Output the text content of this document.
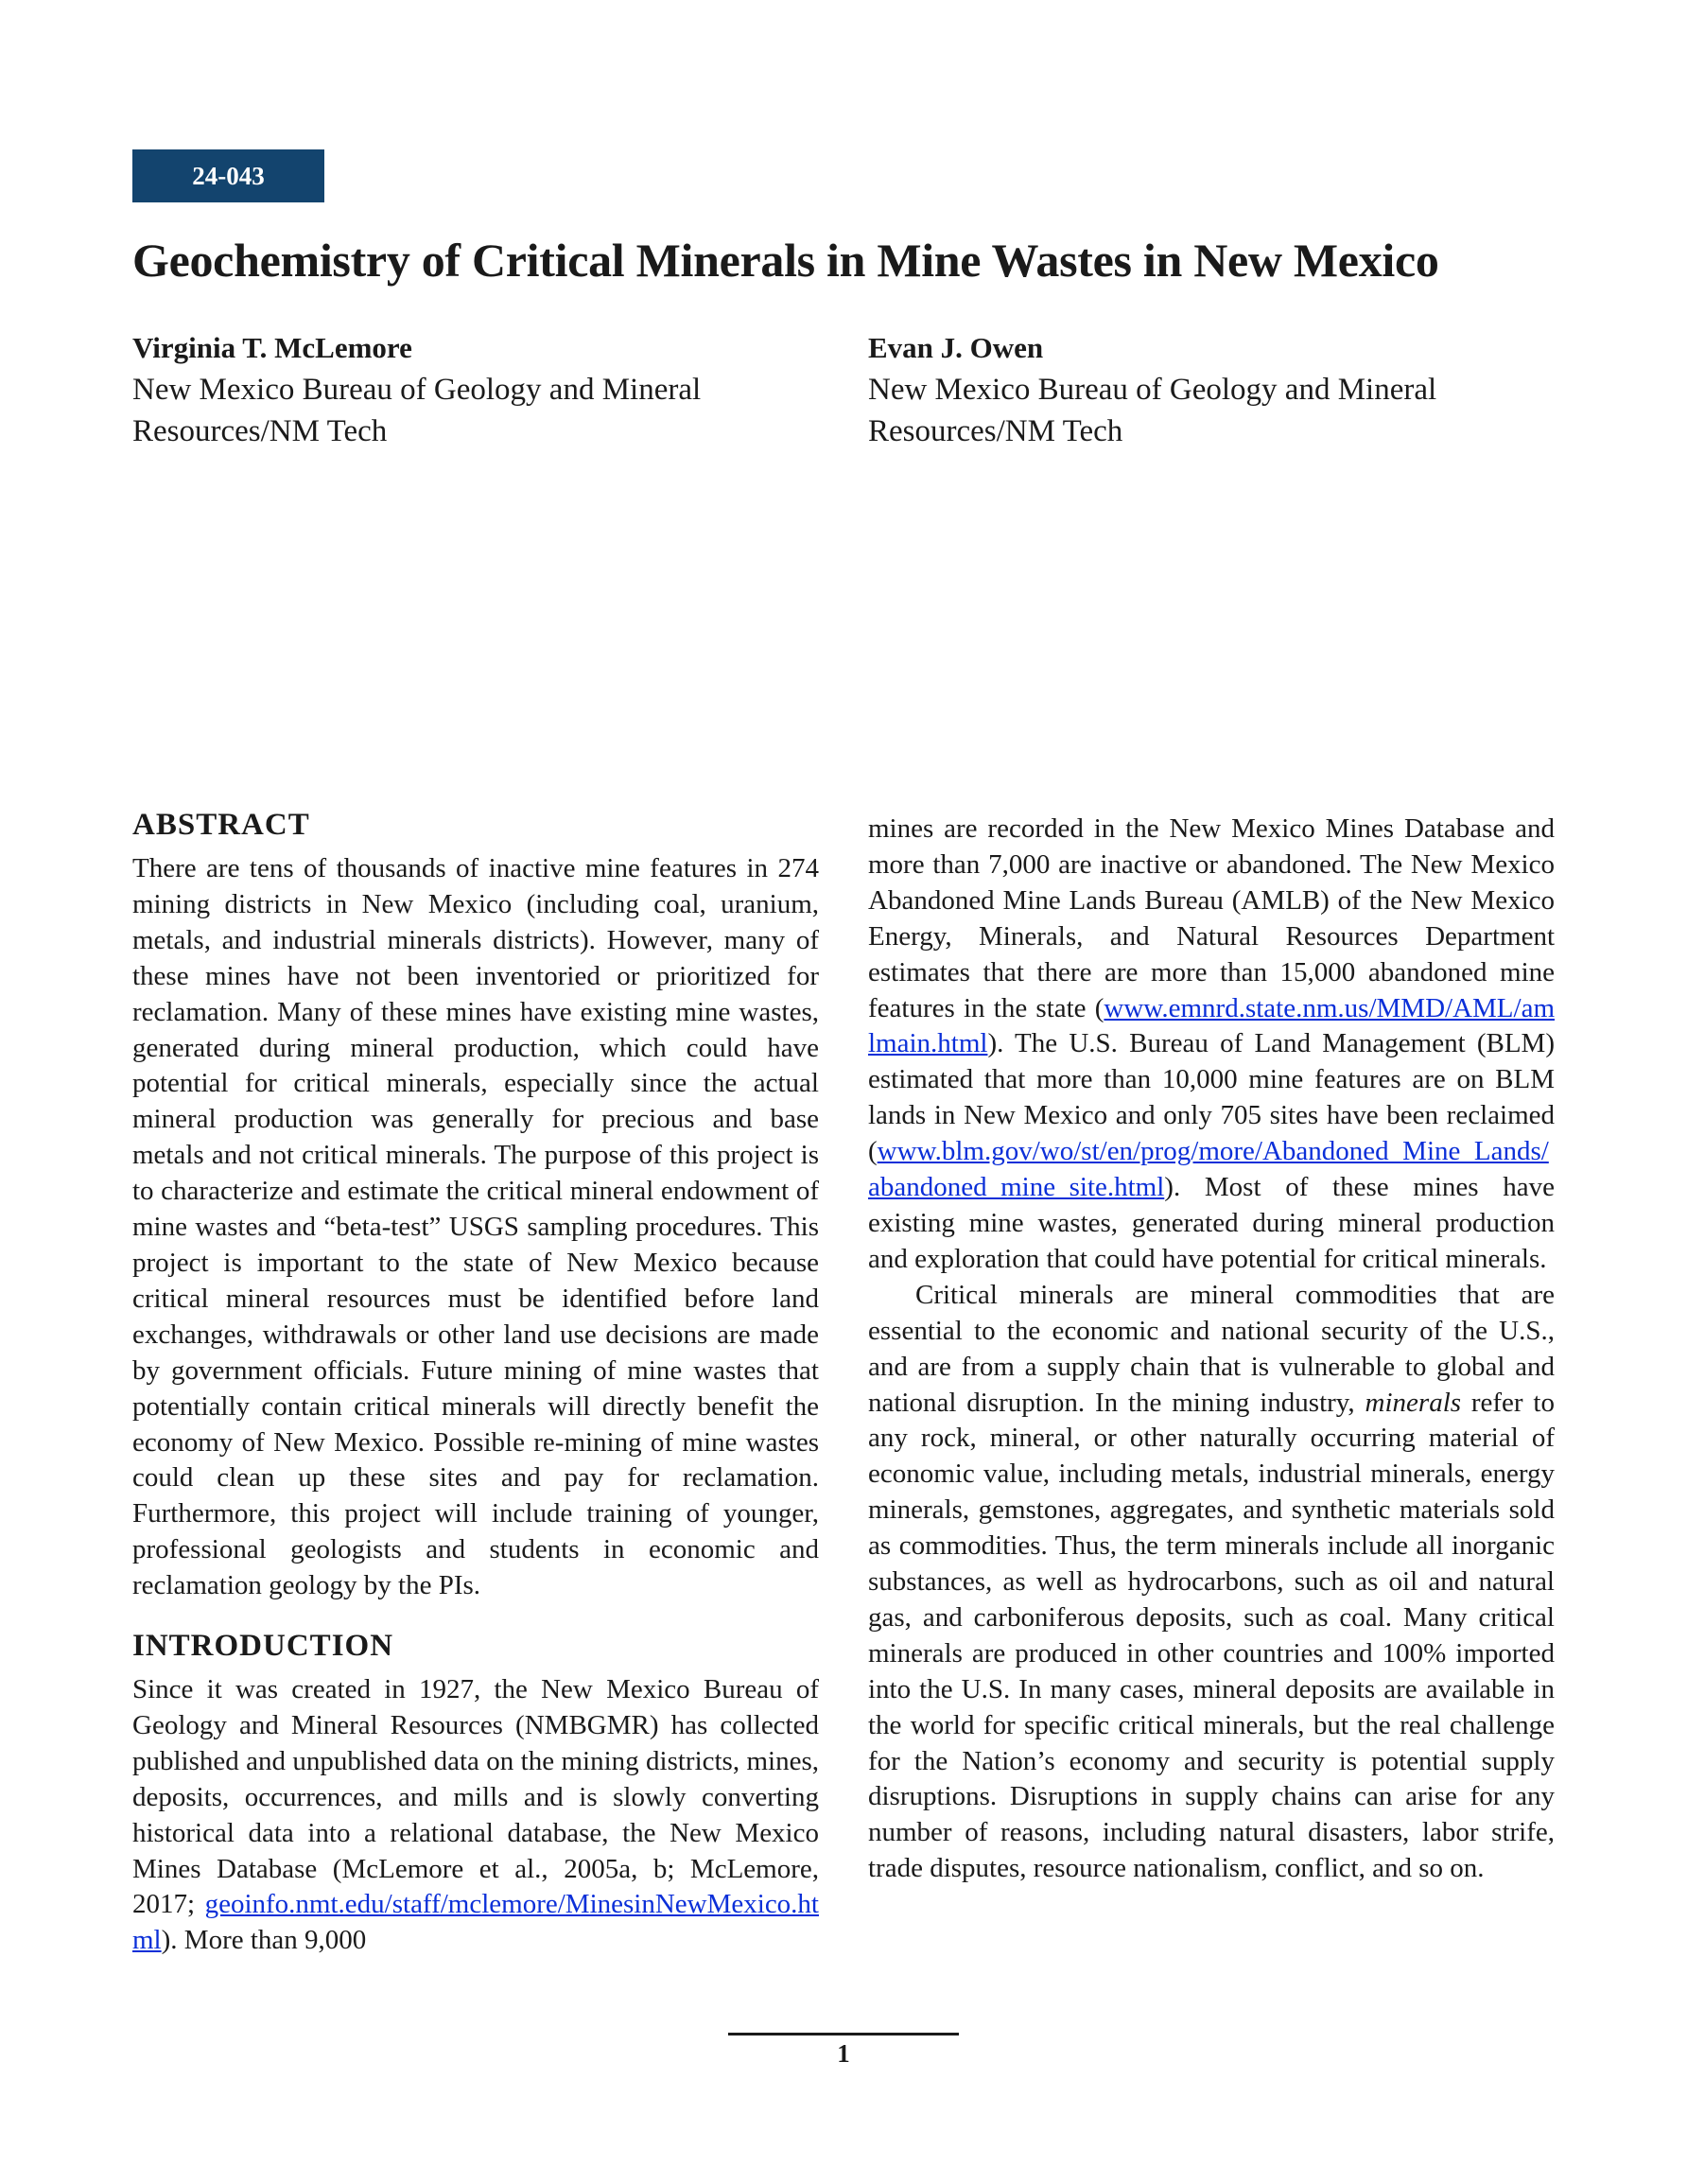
24-043
Geochemistry of Critical Minerals in Mine Wastes in New Mexico
Virginia T. McLemore
New Mexico Bureau of Geology and Mineral
Resources/NM Tech
Evan J. Owen
New Mexico Bureau of Geology and Mineral
Resources/NM Tech
ABSTRACT

There are tens of thousands of inactive mine features in 274 mining districts in New Mexico (including coal, uranium, metals, and industrial minerals districts). However, many of these mines have not been inventoried or prioritized for reclamation. Many of these mines have existing mine wastes, generated during mineral production, which could have potential for critical minerals, especially since the actual mineral production was generally for precious and base metals and not critical minerals. The purpose of this project is to characterize and estimate the critical mineral endowment of mine wastes and “beta-test” USGS sampling procedures. This project is important to the state of New Mexico because critical mineral resources must be identified before land exchanges, withdrawals or other land use decisions are made by government officials. Future mining of mine wastes that potentially contain critical minerals will directly benefit the economy of New Mexico. Possible re-mining of mine wastes could clean up these sites and pay for reclamation. Furthermore, this project will include training of younger, professional geologists and students in economic and reclamation geology by the PIs.

INTRODUCTION

Since it was created in 1927, the New Mexico Bureau of Geology and Mineral Resources (NMBGMR) has collected published and unpublished data on the mining districts, mines, deposits, occurrences, and mills and is slowly converting historical data into a relational database, the New Mexico Mines Database (McLemore et al., 2005a, b; McLemore, 2017; geoinfo.nmt.edu/staff/mclemore/MinesinNewMexico.html). More than 9,000

mines are recorded in the New Mexico Mines Database and more than 7,000 are inactive or abandoned. The New Mexico Abandoned Mine Lands Bureau (AMLB) of the New Mexico Energy, Minerals, and Natural Resources Department estimates that there are more than 15,000 abandoned mine features in the state (www.emnrd.state.nm.us/MMD/AML/amlmain.html). The U.S. Bureau of Land Management (BLM) estimated that more than 10,000 mine features are on BLM lands in New Mexico and only 705 sites have been reclaimed (www.blm.gov/wo/st/en/prog/more/Abandoned_Mine_Lands/abandoned_mine_site.html). Most of these mines have existing mine wastes, generated during mineral production and exploration that could have potential for critical minerals.

Critical minerals are mineral commodities that are essential to the economic and national security of the U.S., and are from a supply chain that is vulnerable to global and national disruption. In the mining industry, minerals refer to any rock, mineral, or other naturally occurring material of economic value, including metals, industrial minerals, energy minerals, gemstones, aggregates, and synthetic materials sold as commodities. Thus, the term minerals include all inorganic substances, as well as hydrocarbons, such as oil and natural gas, and carboniferous deposits, such as coal. Many critical minerals are produced in other countries and 100% imported into the U.S. In many cases, mineral deposits are available in the world for specific critical minerals, but the real challenge for the Nation’s economy and security is potential supply disruptions. Disruptions in supply chains can arise for any number of reasons, including natural disasters, labor strife, trade disputes, resource nationalism, conflict, and so on.

1
